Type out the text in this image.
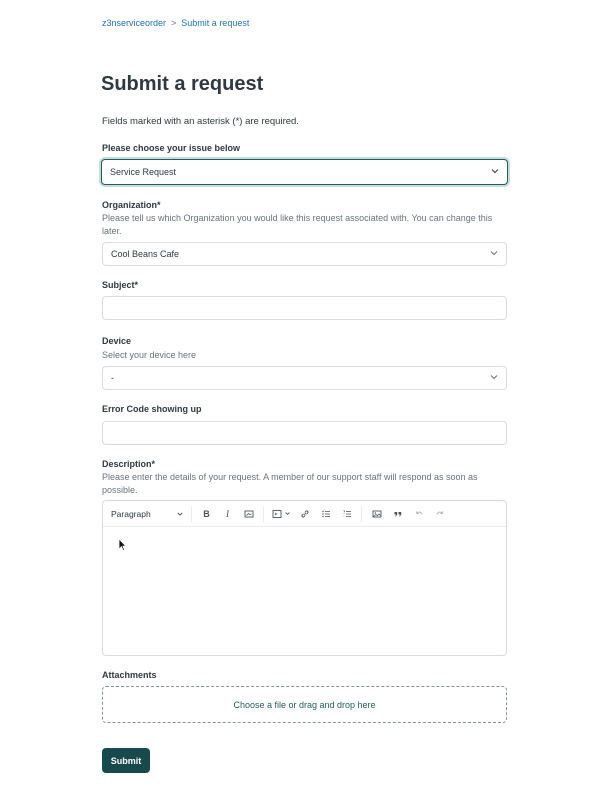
z3nserviceorder > Submit a request
Submit a request

Fields marked with an asterisk (*) are required.

Please choose your issue below
Service Request
Organization*
Please tell us which Organization you would like this request associated with. You can change this later.
Cool Beans Cafe
Subject*
Device
Select your device here
-
Error Code showing up
Description*
Please enter the details of your request. A member of our support staff will respond as soon as possible.
Paragraph	B	I
Attachments
Choose a file or drag and drop here
Submit
